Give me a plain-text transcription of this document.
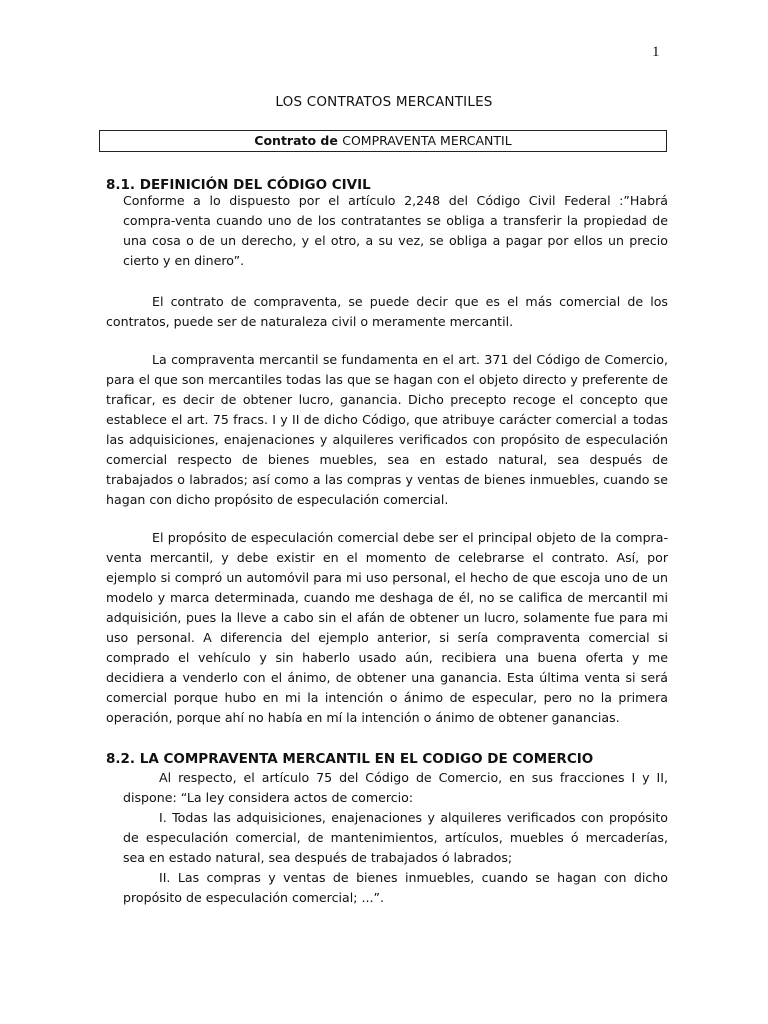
1
LOS CONTRATOS MERCANTILES
Contrato de COMPRAVENTA MERCANTIL
8.1. DEFINICIÓN DEL CÓDIGO CIVIL
Conforme a lo dispuesto por el artículo 2,248 del Código Civil Federal :”Habrá compra-venta cuando uno de los contratantes se obliga a transferir la propiedad de una cosa o de un derecho, y el otro, a su vez, se obliga a pagar por ellos un precio cierto y en dinero”.
El contrato de compraventa, se puede decir que es el más comercial de los contratos, puede ser de naturaleza civil o meramente mercantil.
La compraventa mercantil se fundamenta en el art. 371 del Código de Comercio, para el que son mercantiles todas las que se hagan con el objeto directo y preferente de traficar, es decir de obtener lucro, ganancia. Dicho precepto recoge el concepto que establece el art. 75 fracs. I y II de dicho Código, que atribuye carácter comercial a todas las adquisiciones, enajenaciones y alquileres verificados con propósito de especulación comercial respecto de bienes muebles, sea en estado natural, sea después de trabajados o labrados; así como a las compras y ventas de bienes inmuebles, cuando se hagan con dicho propósito de especulación comercial.
El propósito de especulación comercial debe ser el principal objeto de la compra-venta mercantil, y debe existir en el momento de celebrarse el contrato. Así, por ejemplo si compró un automóvil para mi uso personal, el hecho de que escoja uno de un modelo y marca determinada, cuando me deshaga de él, no se califica de mercantil mi adquisición, pues la lleve a cabo sin el afán de obtener un lucro, solamente fue para mi uso personal. A diferencia del ejemplo anterior, si sería compraventa comercial si comprado el vehículo y sin haberlo usado aún, recibiera una buena oferta y me decidiera a venderlo con el ánimo, de obtener una ganancia. Esta última venta si será comercial porque hubo en mi la intención o ánimo de especular, pero no la primera operación, porque ahí no había en mí la intención o ánimo de obtener ganancias.
8.2. LA COMPRAVENTA MERCANTIL EN EL CODIGO DE COMERCIO
Al respecto, el artículo 75 del Código de Comercio, en sus fracciones I y II, dispone: “La ley considera actos de comercio:
I. Todas las adquisiciones, enajenaciones y alquileres verificados con propósito de especulación comercial, de mantenimientos, artículos, muebles ó mercaderías, sea en estado natural, sea después de trabajados ó labrados;
II. Las compras y ventas de bienes inmuebles, cuando se hagan con dicho propósito de especulación comercial; ...”.
